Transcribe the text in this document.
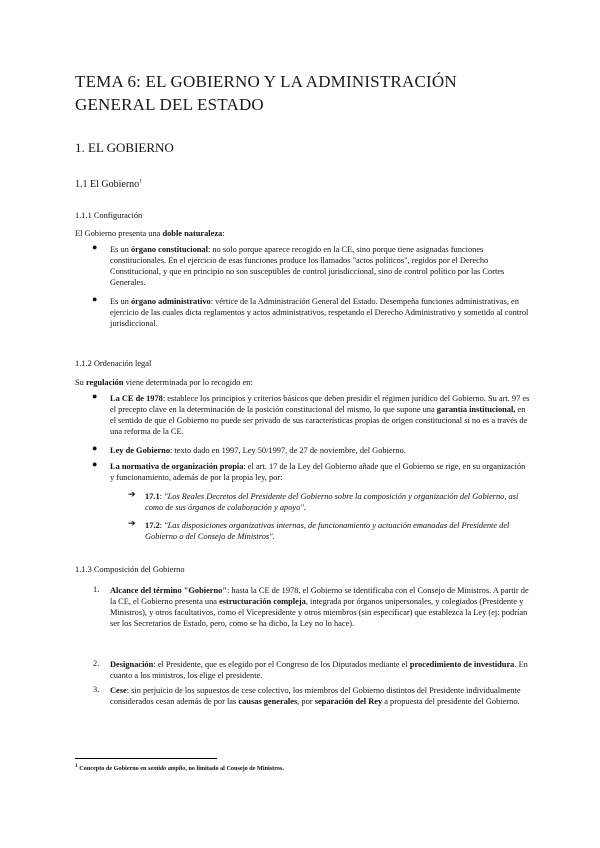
TEMA 6: EL GOBIERNO Y LA ADMINISTRACIÓN
GENERAL DEL ESTADO
1. EL GOBIERNO
1.1 El Gobierno$^1$
1.1.1 Configuración
El Gobierno presenta una doble naturaleza:
● Es un órgano constitucional: no solo porque aparece recogido en la CE, sino porque tiene asignadas funciones constitucionales. En el ejercicio de esas funciones produce los llamados "actos políticos", regidos por el Derecho Constitucional, y que en principio no son susceptibles de control jurisdiccional, sino de control político por las Cortes Generales.
● Es un órgano administrativo: vértice de la Administración General del Estado. Desempeña funciones administrativas, en ejercicio de las cuales dicta reglamentos y actos administrativos, respetando el Derecho Administrativo y sometido al control jurisdiccional.
1.1.2 Ordenación legal
Su regulación viene determinada por lo recogido en:
● La CE de 1978: establece los principios y criterios básicos que deben presidir el régimen jurídico del Gobierno. Su art. 97 es el precepto clave en la determinación de la posición constitucional del mismo, lo que supone una garantía institucional, en el sentido de que el Gobierno no puede ser privado de sus características propias de origen constitucional si no es a través de una reforma de la CE.
● Ley de Gobierno: texto dado en 1997, Ley 50/1997, de 27 de noviembre, del Gobierno.
● La normativa de organización propia: el art. 17 de la Ley del Gobierno añade que el Gobierno se rige, en su organización y funcionamiento, además de por la propia ley, por:
➔ 17.1: "Los Reales Decretos del Presidente del Gobierno sobre la composición y organización del Gobierno, así como de sus órganos de colaboración y apoyo".
➔ 17.2: "Las disposiciones organizativas internas, de funcionamiento y actuación emanadas del Presidente del Gobierno o del Consejo de Ministros".
1.1.3 Composición del Gobierno
1. Alcance del término "Gobierno": hasta la CE de 1978, el Gobierno se identificaba con el Consejo de Ministros. A partir de la CE, el Gobierno presenta una estructuración compleja, integrada por órganos unipersonales, y colegiados (Presidente y Ministros), y otros facultativos, como el Vicepresidente y otros miembros (sin especificar) que establezca la Ley (ej: podrían ser los Secretarios de Estado, pero, como se ha dicho, la Ley no lo hace).
2. Designación: el Presidente, que es elegido por el Congreso de los Diputados mediante el procedimiento de investidura. En cuanto a los ministros, los elige el presidente.
3. Cese: sin perjuicio de los supuestos de cese colectivo, los miembros del Gobierno distintos del Presidente individualmente considerados cesan además de por las causas generales, por separación del Rey a propuesta del presidente del Gobierno.
$^1$ Concepto de Gobierno en sentido amplio, no limitado al Consejo de Ministros.
